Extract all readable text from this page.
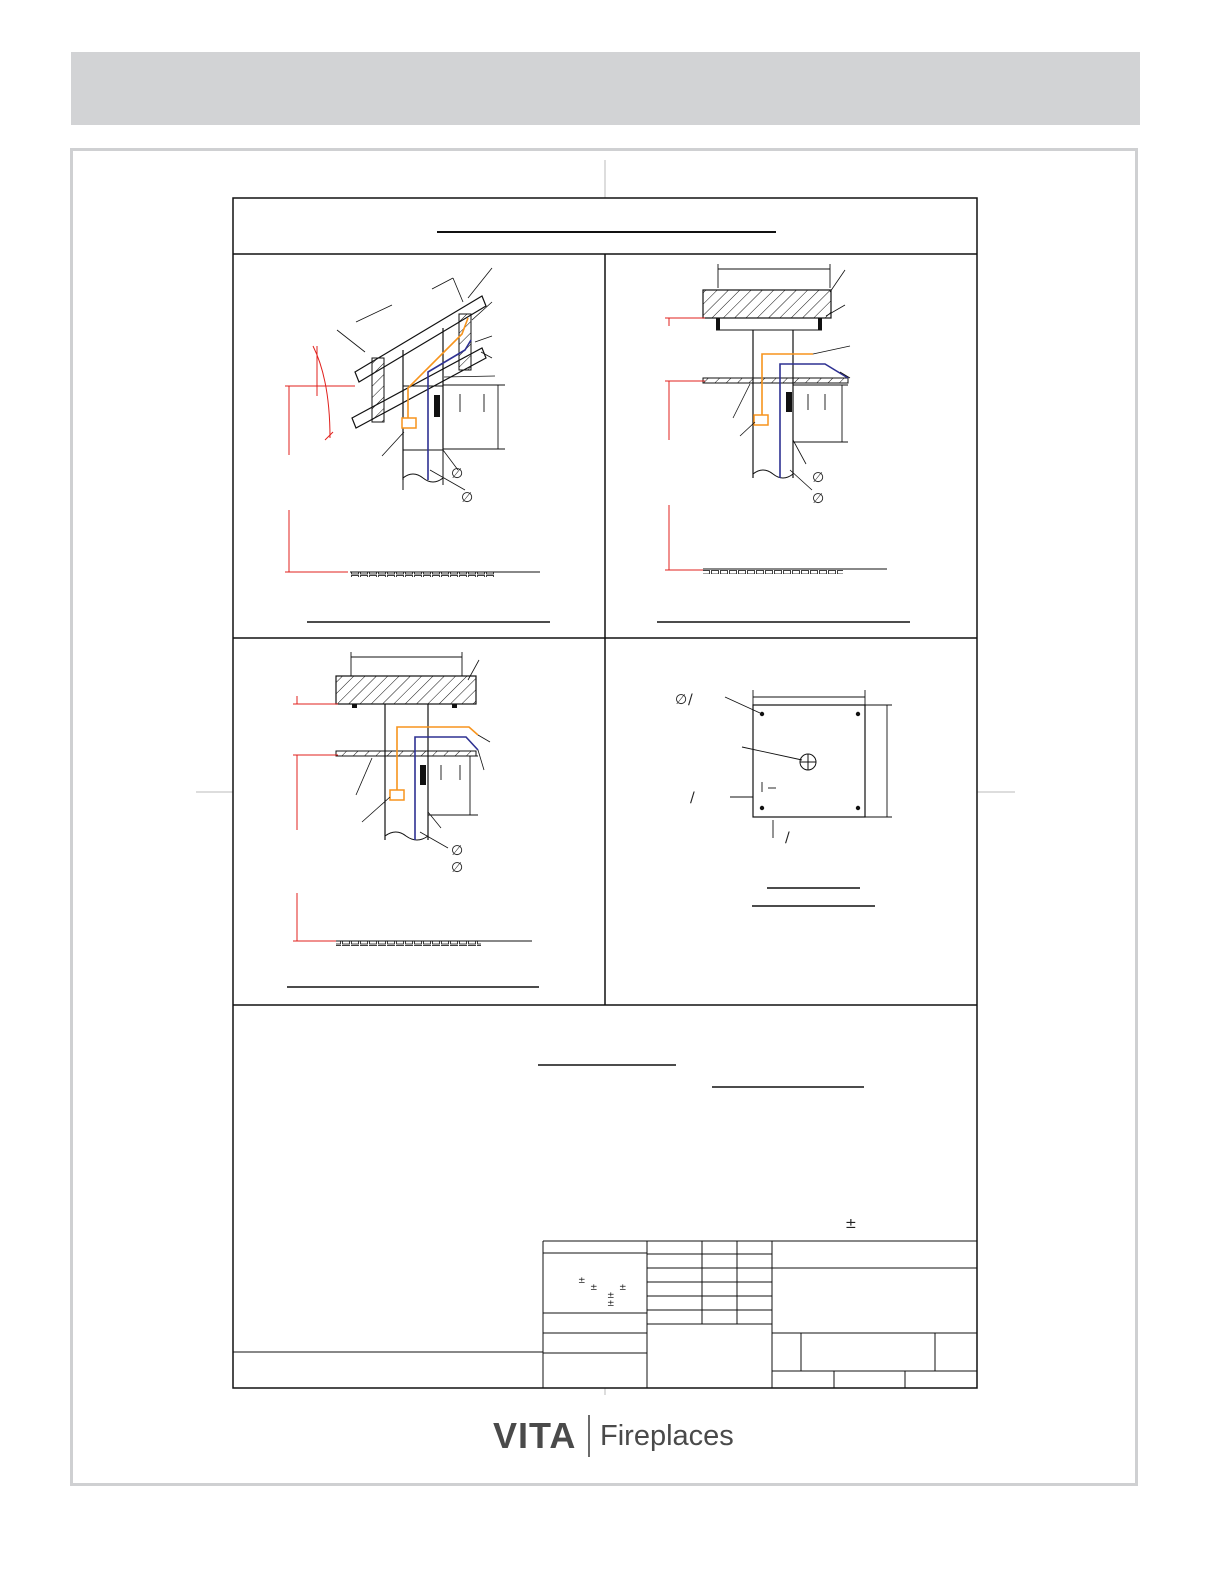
∅
∅
∅
∅
∅
∅
∅ /
/
/
±
±
± ±
±
±
VITA Fireplaces
